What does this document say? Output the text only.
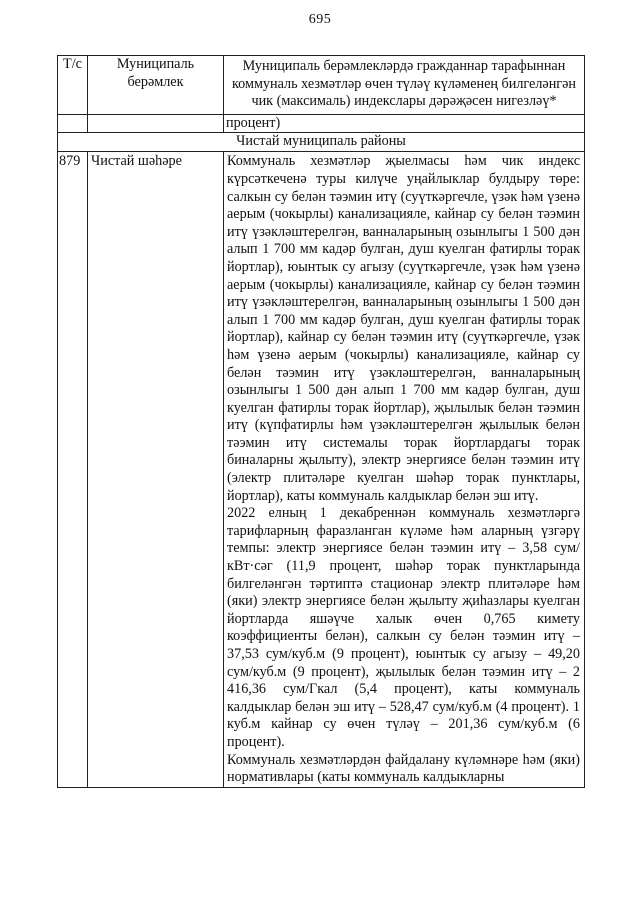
695
Т/с	Муниципаль берәмлек	Муниципаль берәмлекләрдә гражданнар тарафыннан коммуналь хезмәтләр өчен түләү күләменең билгеләнгән чик (максималь) индекслары дәрәҗәсен нигезләү*
		процент)
Чистай муниципаль районы		
879	Чистай шәһәре	Коммуналь хезмәтләр җыелмасы һәм чик индекс күрсәткеченә туры килүче уңайлыклар булдыру төре: салкын су белән тәэмин итү (суүткәргечле, үзәк һәм үзенә аерым (чокырлы) канализацияле, кайнар су белән тәэмин итү үзәкләштерелгән, ванналарының озынлыгы 1 500 дән алып 1 700 мм кадәр булган, душ куелган фатирлы торак йортлар), юынтык су агызу (суүткәргечле, үзәк һәм үзенә аерым (чокырлы) канализацияле, кайнар су белән тәэмин итү үзәкләштерелгән, ванналарының озынлыгы 1 500 дән алып 1 700 мм кадәр булган, душ куелган фатирлы торак йортлар), кайнар су белән тәэмин итү (суүткәргечле, үзәк һәм үзенә аерым (чокырлы) канализацияле, кайнар су белән тәэмин итү үзәкләштерелгән, ванналарының озынлыгы 1 500 дән алып 1 700 мм кадәр булган, душ куелган фатирлы торак йортлар), җылылык белән тәэмин итү (күпфатирлы һәм үзәкләштерелгән җылылык белән тәэмин итү системалы торак йортлардагы торак биналарны җылыту), электр энергиясе белән тәэмин итү (электр плитәләре куелган шәһәр торак пунктлары, йортлар), каты коммуналь калдыклар белән эш итү.

2022 елның 1 декабреннән коммуналь хезмәтләргә тарифларның фаразланган күләме һәм аларның үзгәрү темпы: электр энергиясе белән тәэмин итү – 3,58 сум/кВт·сәг (11,9 процент, шәһәр торак пунктларында билгеләнгән тәртиптә стационар электр плитәләре һәм (яки) электр энергиясе белән җылыту җиһазлары куелган йортларда яшәүче халык өчен 0,765 кимету коэффициенты белән), салкын су белән тәэмин итү – 37,53 сум/куб.м (9 процент), юынтык су агызу – 49,20 сум/куб.м (9 процент), җылылык белән тәэмин итү – 2 416,36 сум/Гкал (5,4 процент), каты коммуналь калдыклар белән эш итү – 528,47 сум/куб.м (4 процент). 1 куб.м кайнар су өчен түләү – 201,36 сум/куб.м (6 процент).

Коммуналь хезмәтләрдән файдалану күләмнәре һәм (яки) нормативлары (каты коммуналь калдыкларны
